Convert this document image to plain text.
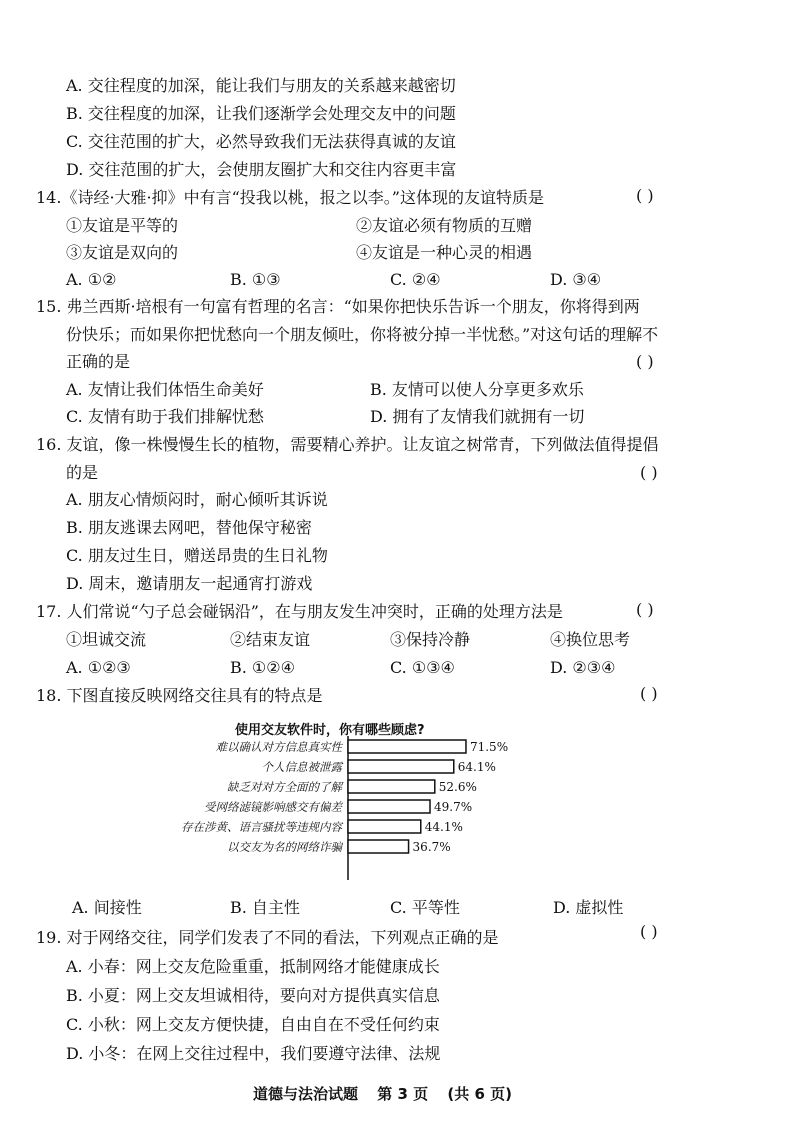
A. 交往程度的加深，能让我们与朋友的关系越来越密切
B. 交往程度的加深，让我们逐渐学会处理交友中的问题
C. 交往范围的扩大，必然导致我们无法获得真诚的友谊
D. 交往范围的扩大，会使朋友圈扩大和交往内容更丰富
14.《诗经·大雅·抑》中有言“投我以桃，报之以李。”这体现的友谊特质是	( )
①友谊是平等的	②友谊必须有物质的互赠
③友谊是双向的	④友谊是一种心灵的相遇
A. ①②	B. ①③	C. ②④	D. ③④
15. 弗兰西斯·培根有一句富有哲理的名言：“如果你把快乐告诉一个朋友，你将得到两
份快乐；而如果你把忧愁向一个朋友倾吐，你将被分掉一半忧愁。”对这句话的理解不
正确的是	( )
A. 友情让我们体悟生命美好	B. 友情可以使人分享更多欢乐
C. 友情有助于我们排解忧愁	D. 拥有了友情我们就拥有一切
16. 友谊，像一株慢慢生长的植物，需要精心养护。让友谊之树常青，下列做法值得提倡
的是	( )
A. 朋友心情烦闷时，耐心倾听其诉说
B. 朋友逃课去网吧，替他保守秘密
C. 朋友过生日，赠送昂贵的生日礼物
D. 周末，邀请朋友一起通宵打游戏
17. 人们常说“勺子总会碰锅沿”，在与朋友发生冲突时，正确的处理方法是	( )
①坦诚交流	②结束友谊	③保持冷静	④换位思考
A. ①②③	B. ①②④	C. ①③④	D. ②③④
18. 下图直接反映网络交往具有的特点是	( )
使用交友软件时，你有哪些顾虑?
难以确认对方信息真实性	71.5%
个人信息被泄露	64.1%
缺乏对对方全面的了解	52.6%
受网络滤镜影响感交有偏差	49.7%
存在涉黄、语言骚扰等违规内容	44.1%
以交友为名的网络诈骗	36.7%
A. 间接性	B. 自主性	C. 平等性	D. 虚拟性
19. 对于网络交往，同学们发表了不同的看法，下列观点正确的是	( )
A. 小春：网上交友危险重重，抵制网络才能健康成长
B. 小夏：网上交友坦诚相待，要向对方提供真实信息
C. 小秋：网上交友方便快捷，自由自在不受任何约束
D. 小冬：在网上交往过程中，我们要遵守法律、法规
道德与法治试题 第 3 页 (共 6 页)
